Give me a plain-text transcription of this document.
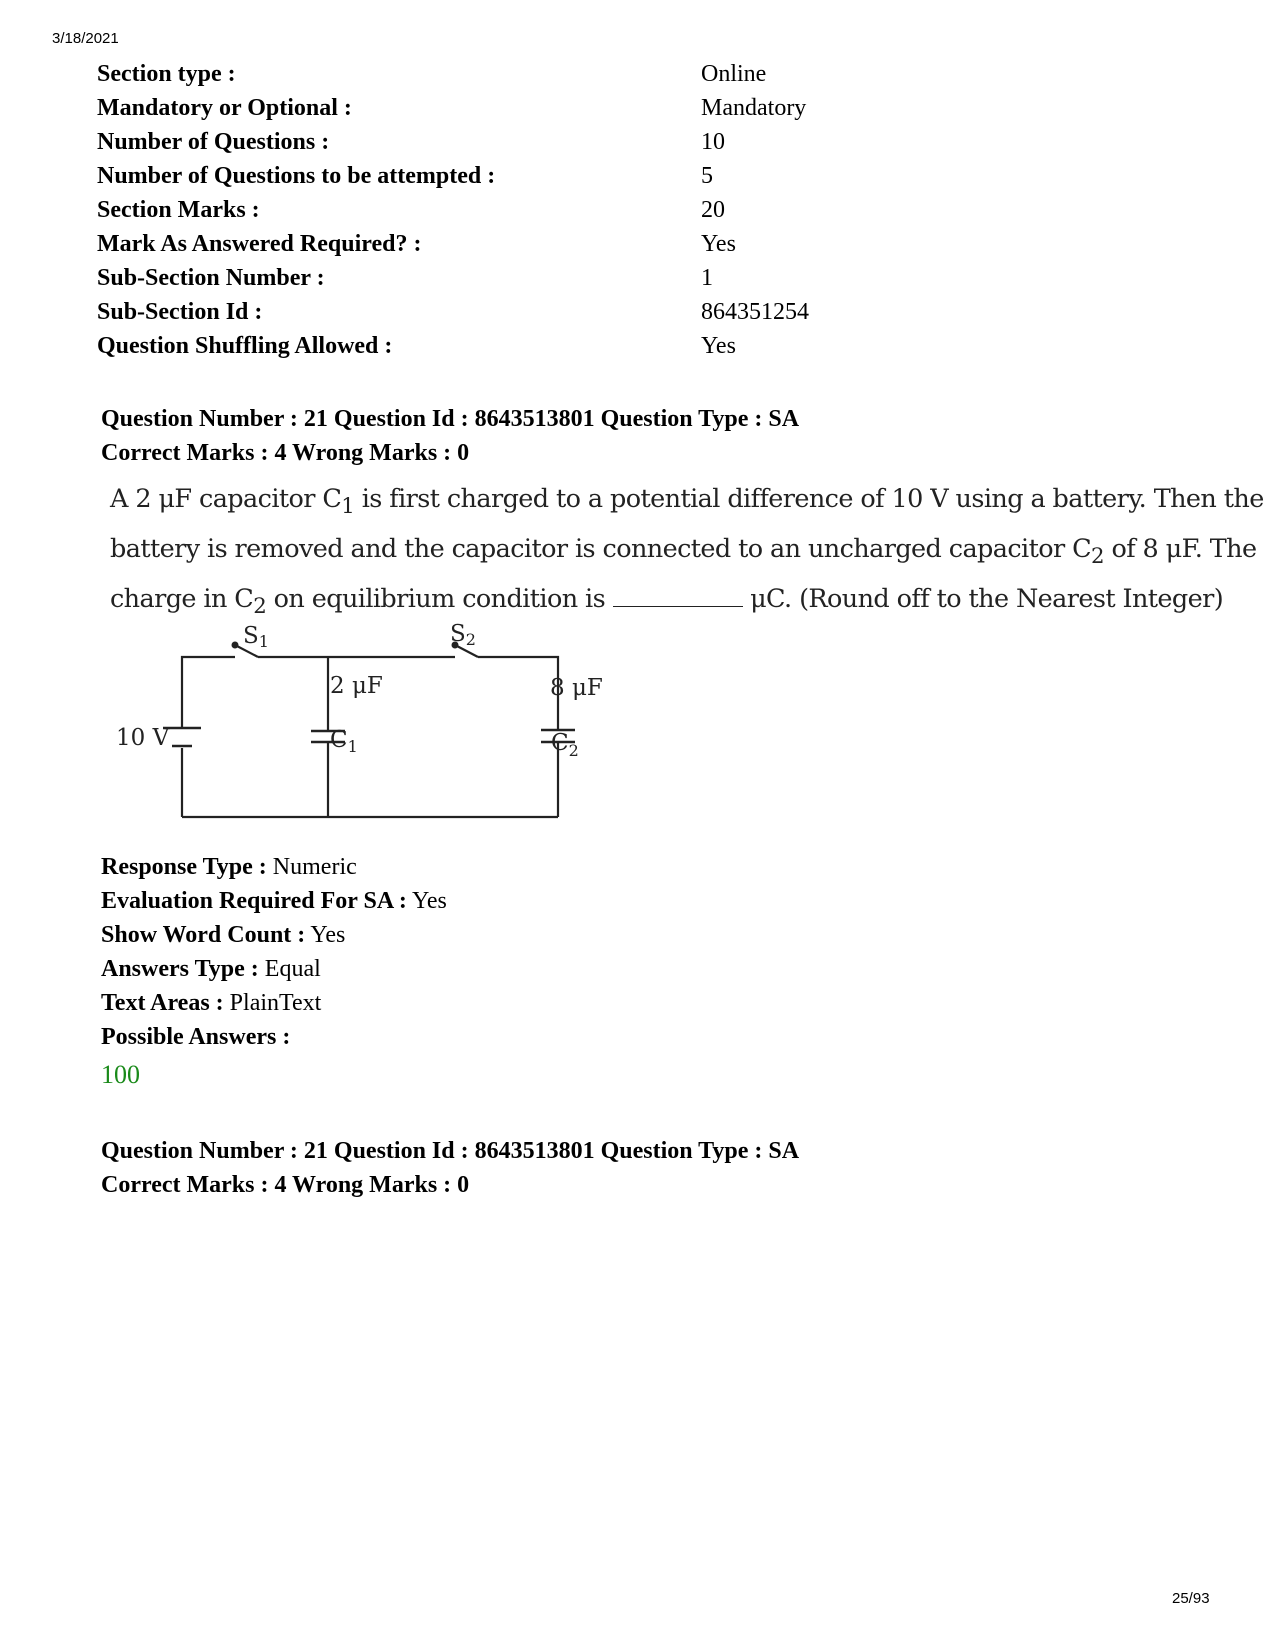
3/18/2021
Section type :	Online
Mandatory or Optional :	Mandatory
Number of Questions :	10
Number of Questions to be attempted :	5
Section Marks :	20
Mark As Answered Required? :	Yes
Sub-Section Number :	1
Sub-Section Id :	864351254
Question Shuffling Allowed :	Yes
Question Number : 21 Question Id : 8643513801 Question Type : SA
Correct Marks : 4 Wrong Marks : 0

A 2 μF capacitor $C_1$ is first charged to a potential difference of 10 V using a battery. Then the

battery is removed and the capacitor is connected to an uncharged capacitor $C_2$ of 8 μF. The

charge in $C_2$ on equilibrium condition is	μC. (Round off to the Nearest Integer)

S1	S2
10 V
2 μF
$C_1$
8 μF
$C_2$
Response Type : Numeric
Evaluation Required For SA : Yes
Show Word Count : Yes
Answers Type : Equal
Text Areas : PlainText
Possible Answers :
100
Question Number : 21 Question Id : 8643513801 Question Type : SA
Correct Marks : 4 Wrong Marks : 0
25/93
